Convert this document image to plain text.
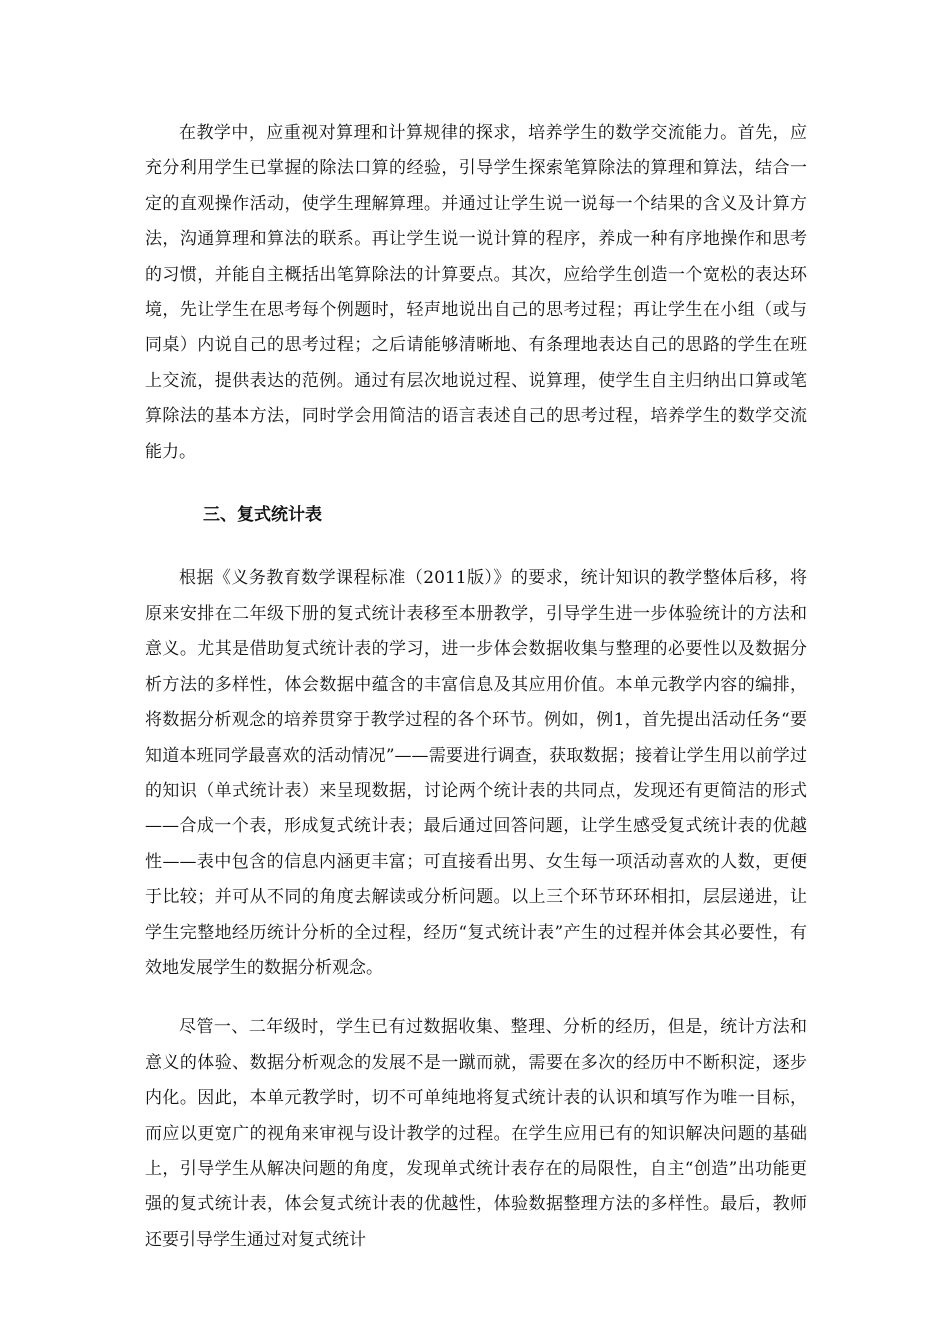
在教学中，应重视对算理和计算规律的探求，培养学生的数学交流能力。首先，应充分利用学生已掌握的除法口算的经验，引导学生探索笔算除法的算理和算法，结合一定的直观操作活动，使学生理解算理。并通过让学生说一说每一个结果的含义及计算方法，沟通算理和算法的联系。再让学生说一说计算的程序，养成一种有序地操作和思考的习惯，并能自主概括出笔算除法的计算要点。其次，应给学生创造一个宽松的表达环境，先让学生在思考每个例题时，轻声地说出自己的思考过程；再让学生在小组（或与同桌）内说自己的思考过程；之后请能够清晰地、有条理地表达自己的思路的学生在班上交流，提供表达的范例。通过有层次地说过程、说算理，使学生自主归纳出口算或笔算除法的基本方法，同时学会用简洁的语言表述自己的思考过程，培养学生的数学交流能力。

三、复式统计表

根据《义务教育数学课程标准（2011版）》的要求，统计知识的教学整体后移，将原来安排在二年级下册的复式统计表移至本册教学，引导学生进一步体验统计的方法和意义。尤其是借助复式统计表的学习，进一步体会数据收集与整理的必要性以及数据分析方法的多样性，体会数据中蕴含的丰富信息及其应用价值。本单元教学内容的编排，将数据分析观念的培养贯穿于教学过程的各个环节。例如，例1，首先提出活动任务“要知道本班同学最喜欢的活动情况”——需要进行调查，获取数据；接着让学生用以前学过的知识（单式统计表）来呈现数据，讨论两个统计表的共同点，发现还有更简洁的形式——合成一个表，形成复式统计表；最后通过回答问题，让学生感受复式统计表的优越性——表中包含的信息内涵更丰富；可直接看出男、女生每一项活动喜欢的人数，更便于比较；并可从不同的角度去解读或分析问题。以上三个环节环环相扣，层层递进，让学生完整地经历统计分析的全过程，经历“复式统计表”产生的过程并体会其必要性，有效地发展学生的数据分析观念。

尽管一、二年级时，学生已有过数据收集、整理、分析的经历，但是，统计方法和意义的体验、数据分析观念的发展不是一蹴而就，需要在多次的经历中不断积淀，逐步内化。因此，本单元教学时，切不可单纯地将复式统计表的认识和填写作为唯一目标，而应以更宽广的视角来审视与设计教学的过程。在学生应用已有的知识解决问题的基础上，引导学生从解决问题的角度，发现单式统计表存在的局限性，自主“创造”出功能更强的复式统计表，体会复式统计表的优越性，体验数据整理方法的多样性。最后，教师还要引导学生通过对复式统计
